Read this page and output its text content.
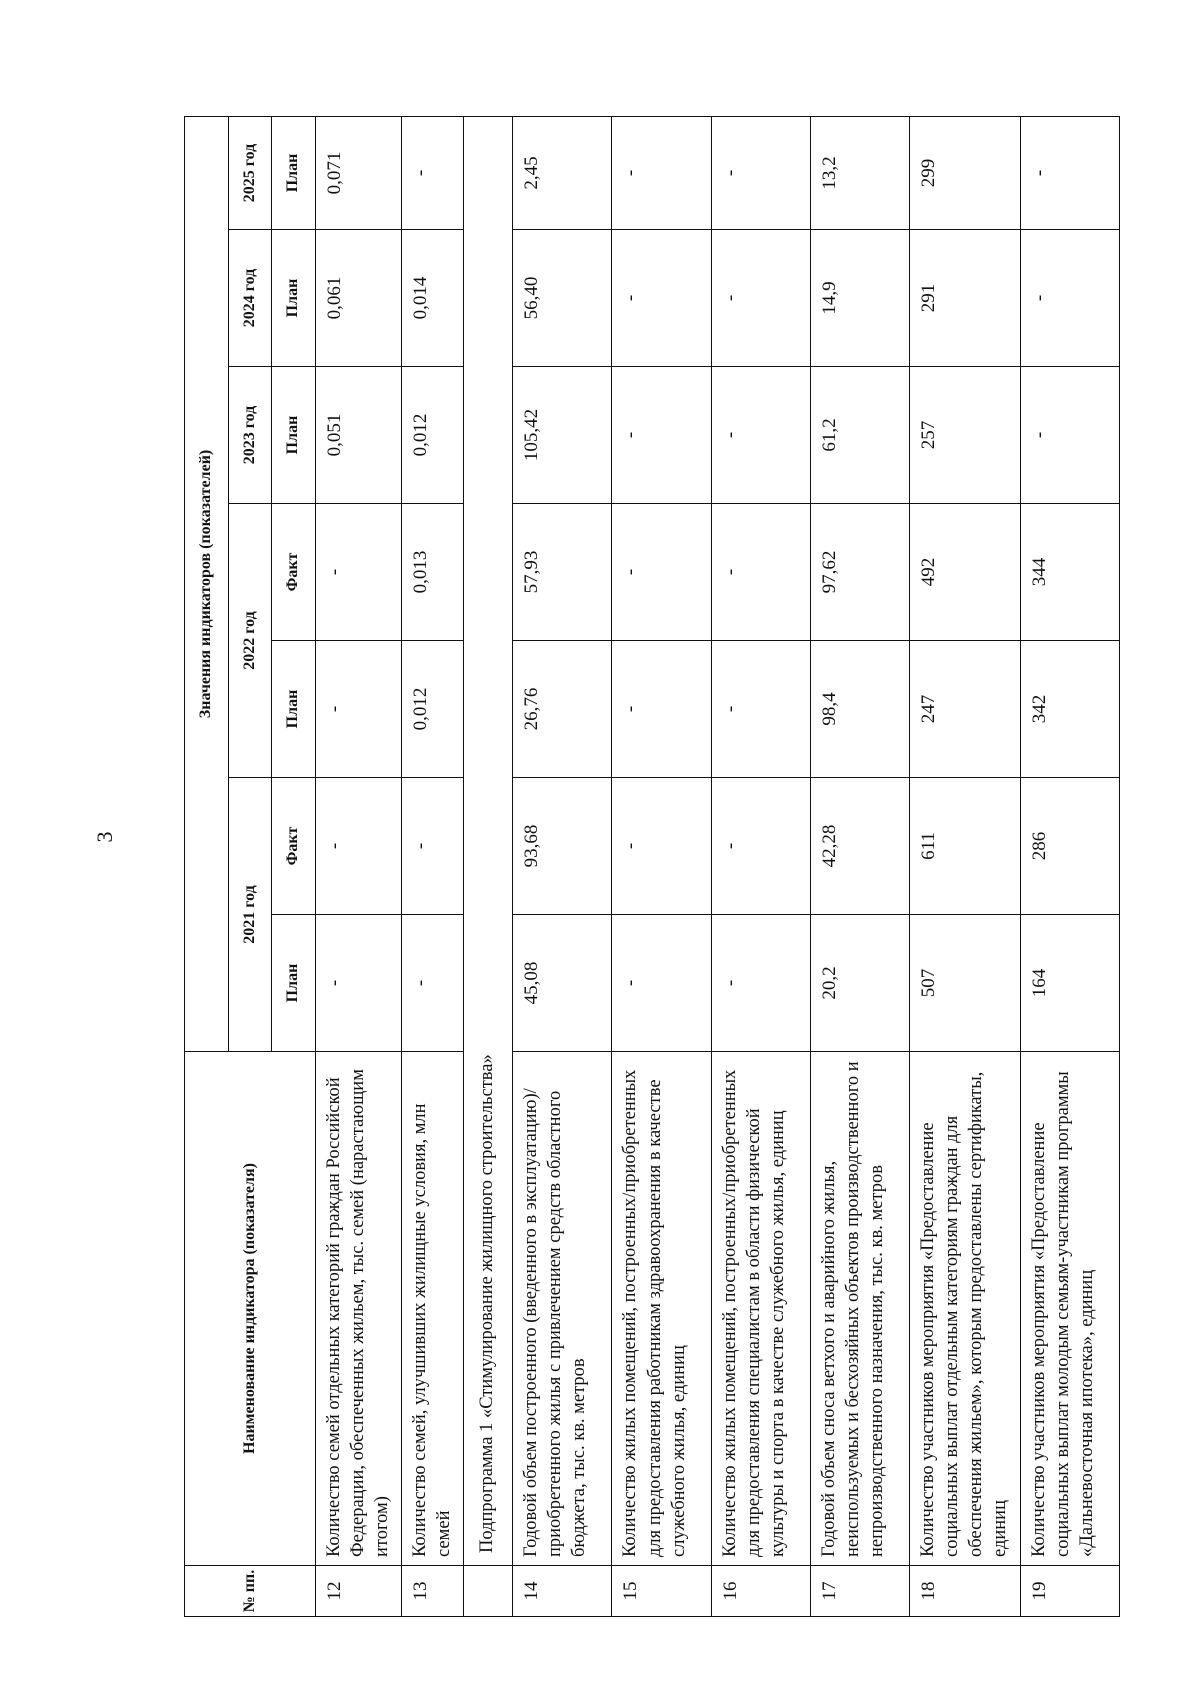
3
№ пп.	Наименование индикатора (показателя)	Значения индикаторов (показателей)						
		2021 год		2022 год		2023 год	2024 год	2025 год
		План	Факт	План	Факт	План	План	План
12	Количество семей отдельных категорий граждан Российской Федерации, обеспеченных жильем, тыс. семей (нарастающим итогом)	-	-	-	-	0,051	0,061	0,071
13	Количество семей, улучшивших жилищные условия, млн семей	-	-	0,012	0,013	0,012	0,014	-
	Подпрограмма 1 «Стимулирование жилищного строительства»							
14	Годовой объем построенного (введенного в эксплуатацию)/ приобретенного жилья с привлечением средств областного бюджета, тыс. кв. метров	45,08	93,68	26,76	57,93	105,42	56,40	2,45
15	Количество жилых помещений, построенных/приобретенных для предоставления работникам здравоохранения в качестве служебного жилья, единиц	-	-	-	-	-	-	-
16	Количество жилых помещений, построенных/приобретенных для предоставления специалистам в области физической культуры и спорта в качестве служебного жилья, единиц	-	-	-	-	-	-	-
17	Годовой объем сноса ветхого и аварийного жилья, неиспользуемых и бесхозяйных объектов производственного и непроизводственного назначения, тыс. кв. метров	20,2	42,28	98,4	97,62	61,2	14,9	13,2
18	Количество участников мероприятия «Предоставление социальных выплат отдельным категориям граждан для обеспечения жильем», которым предоставлены сертификаты, единиц	507	611	247	492	257	291	299
19	Количество участников мероприятия «Предоставление социальных выплат молодым семьям-участникам программы «Дальневосточная ипотека», единиц	164	286	342	344	-	-	-
